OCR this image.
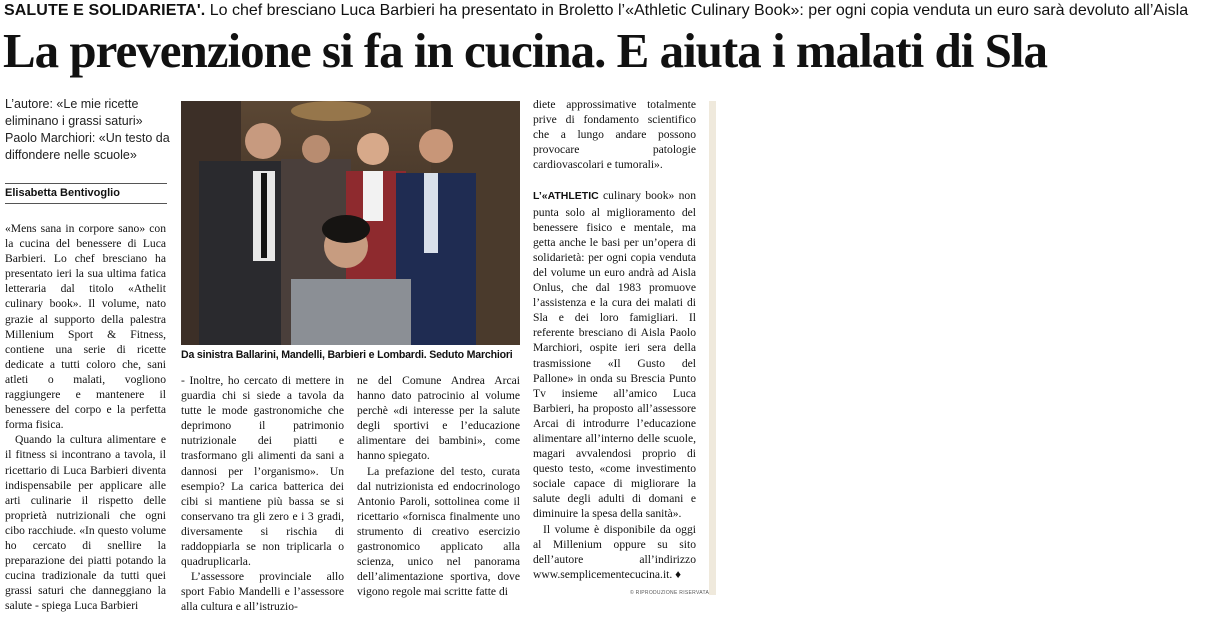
SALUTE E SOLIDARIETA'. Lo chef bresciano Luca Barbieri ha presentato in Broletto l’«Athletic Culinary Book»: per ogni copia venduta un euro sarà devoluto all’Aisla
La prevenzione si fa in cucina. E aiuta i malati di Sla

L’autore: «Le mie ricette eliminano i grassi saturi»

Paolo Marchiori: «Un testo da diffondere nelle scuole»

Elisabetta Bentivoglio

«Mens sana in corpore sano» con la cucina del benessere di Luca Barbieri. Lo chef bresciano ha presentato ieri la sua ultima fatica letteraria dal titolo «Athelit culinary book». Il volume, nato grazie al supporto della palestra Millenium Sport & Fitness, contiene una serie di ricette dedicate a tutti coloro che, sani atleti o malati, vogliono raggiungere e mantenere il benessere del corpo e la perfetta forma fisica.

Quando la cultura alimentare e il fitness si incontrano a tavola, il ricettario di Luca Barbieri diventa indispensabile per applicare alle arti culinarie il rispetto delle proprietà nutrizionali che ogni cibo racchiude. «In questo volume ho cercato di snellire la preparazione dei piatti potando la cucina tradizionale da tutti quei grassi saturi che danneggiano la salute - spiega Luca Barbieri

Da sinistra Ballarini, Mandelli, Barbieri e Lombardi. Seduto Marchiori

- Inoltre, ho cercato di mettere in guardia chi si siede a tavola da tutte le mode gastronomiche che deprimono il patrimonio nutrizionale dei piatti e trasformano gli alimenti da sani a dannosi per l’organismo». Un esempio? La carica batterica dei cibi si mantiene più bassa se si conservano tra gli zero e i 3 gradi, diversamente si rischia di raddoppiarla se non triplicarla o quadruplicarla.

L’assessore provinciale allo sport Fabio Mandelli e l’assessore alla cultura e all’istruzio-

ne del Comune Andrea Arcai hanno dato patrocinio al volume perchè «di interesse per la salute degli sportivi e l’educazione alimentare dei bambini», come hanno spiegato.

La prefazione del testo, curata dal nutrizionista ed endocrinologo Antonio Paroli, sottolinea come il ricettario «fornisca finalmente uno strumento di creativo esercizio gastronomico applicato alla scienza, unico nel panorama dell’alimentazione sportiva, dove vigono regole mai scritte fatte di

diete approssimative totalmente prive di fondamento scientifico che a lungo andare possono provocare patologie cardiovascolari e tumorali».

L’«ATHLETIC culinary book» non punta solo al miglioramento del benessere fisico e mentale, ma getta anche le basi per un’opera di solidarietà: per ogni copia venduta del volume un euro andrà ad Aisla Onlus, che dal 1983 promuove l’assistenza e la cura dei malati di Sla e dei loro famigliari. Il referente bresciano di Aisla Paolo Marchiori, ospite ieri sera della trasmissione «Il Gusto del Pallone» in onda su Brescia Punto Tv insieme all’amico Luca Barbieri, ha proposto all’assessore Arcai di introdurre l’educazione alimentare all’interno delle scuole, magari avvalendosi proprio di questo testo, «come investimento sociale capace di migliorare la salute degli adulti di domani e diminuire la spesa della sanità».

Il volume è disponibile da oggi al Millenium oppure su sito dell’autore all’indirizzo www.semplicementecucina.it. ♦

© RIPRODUZIONE RISERVATA
